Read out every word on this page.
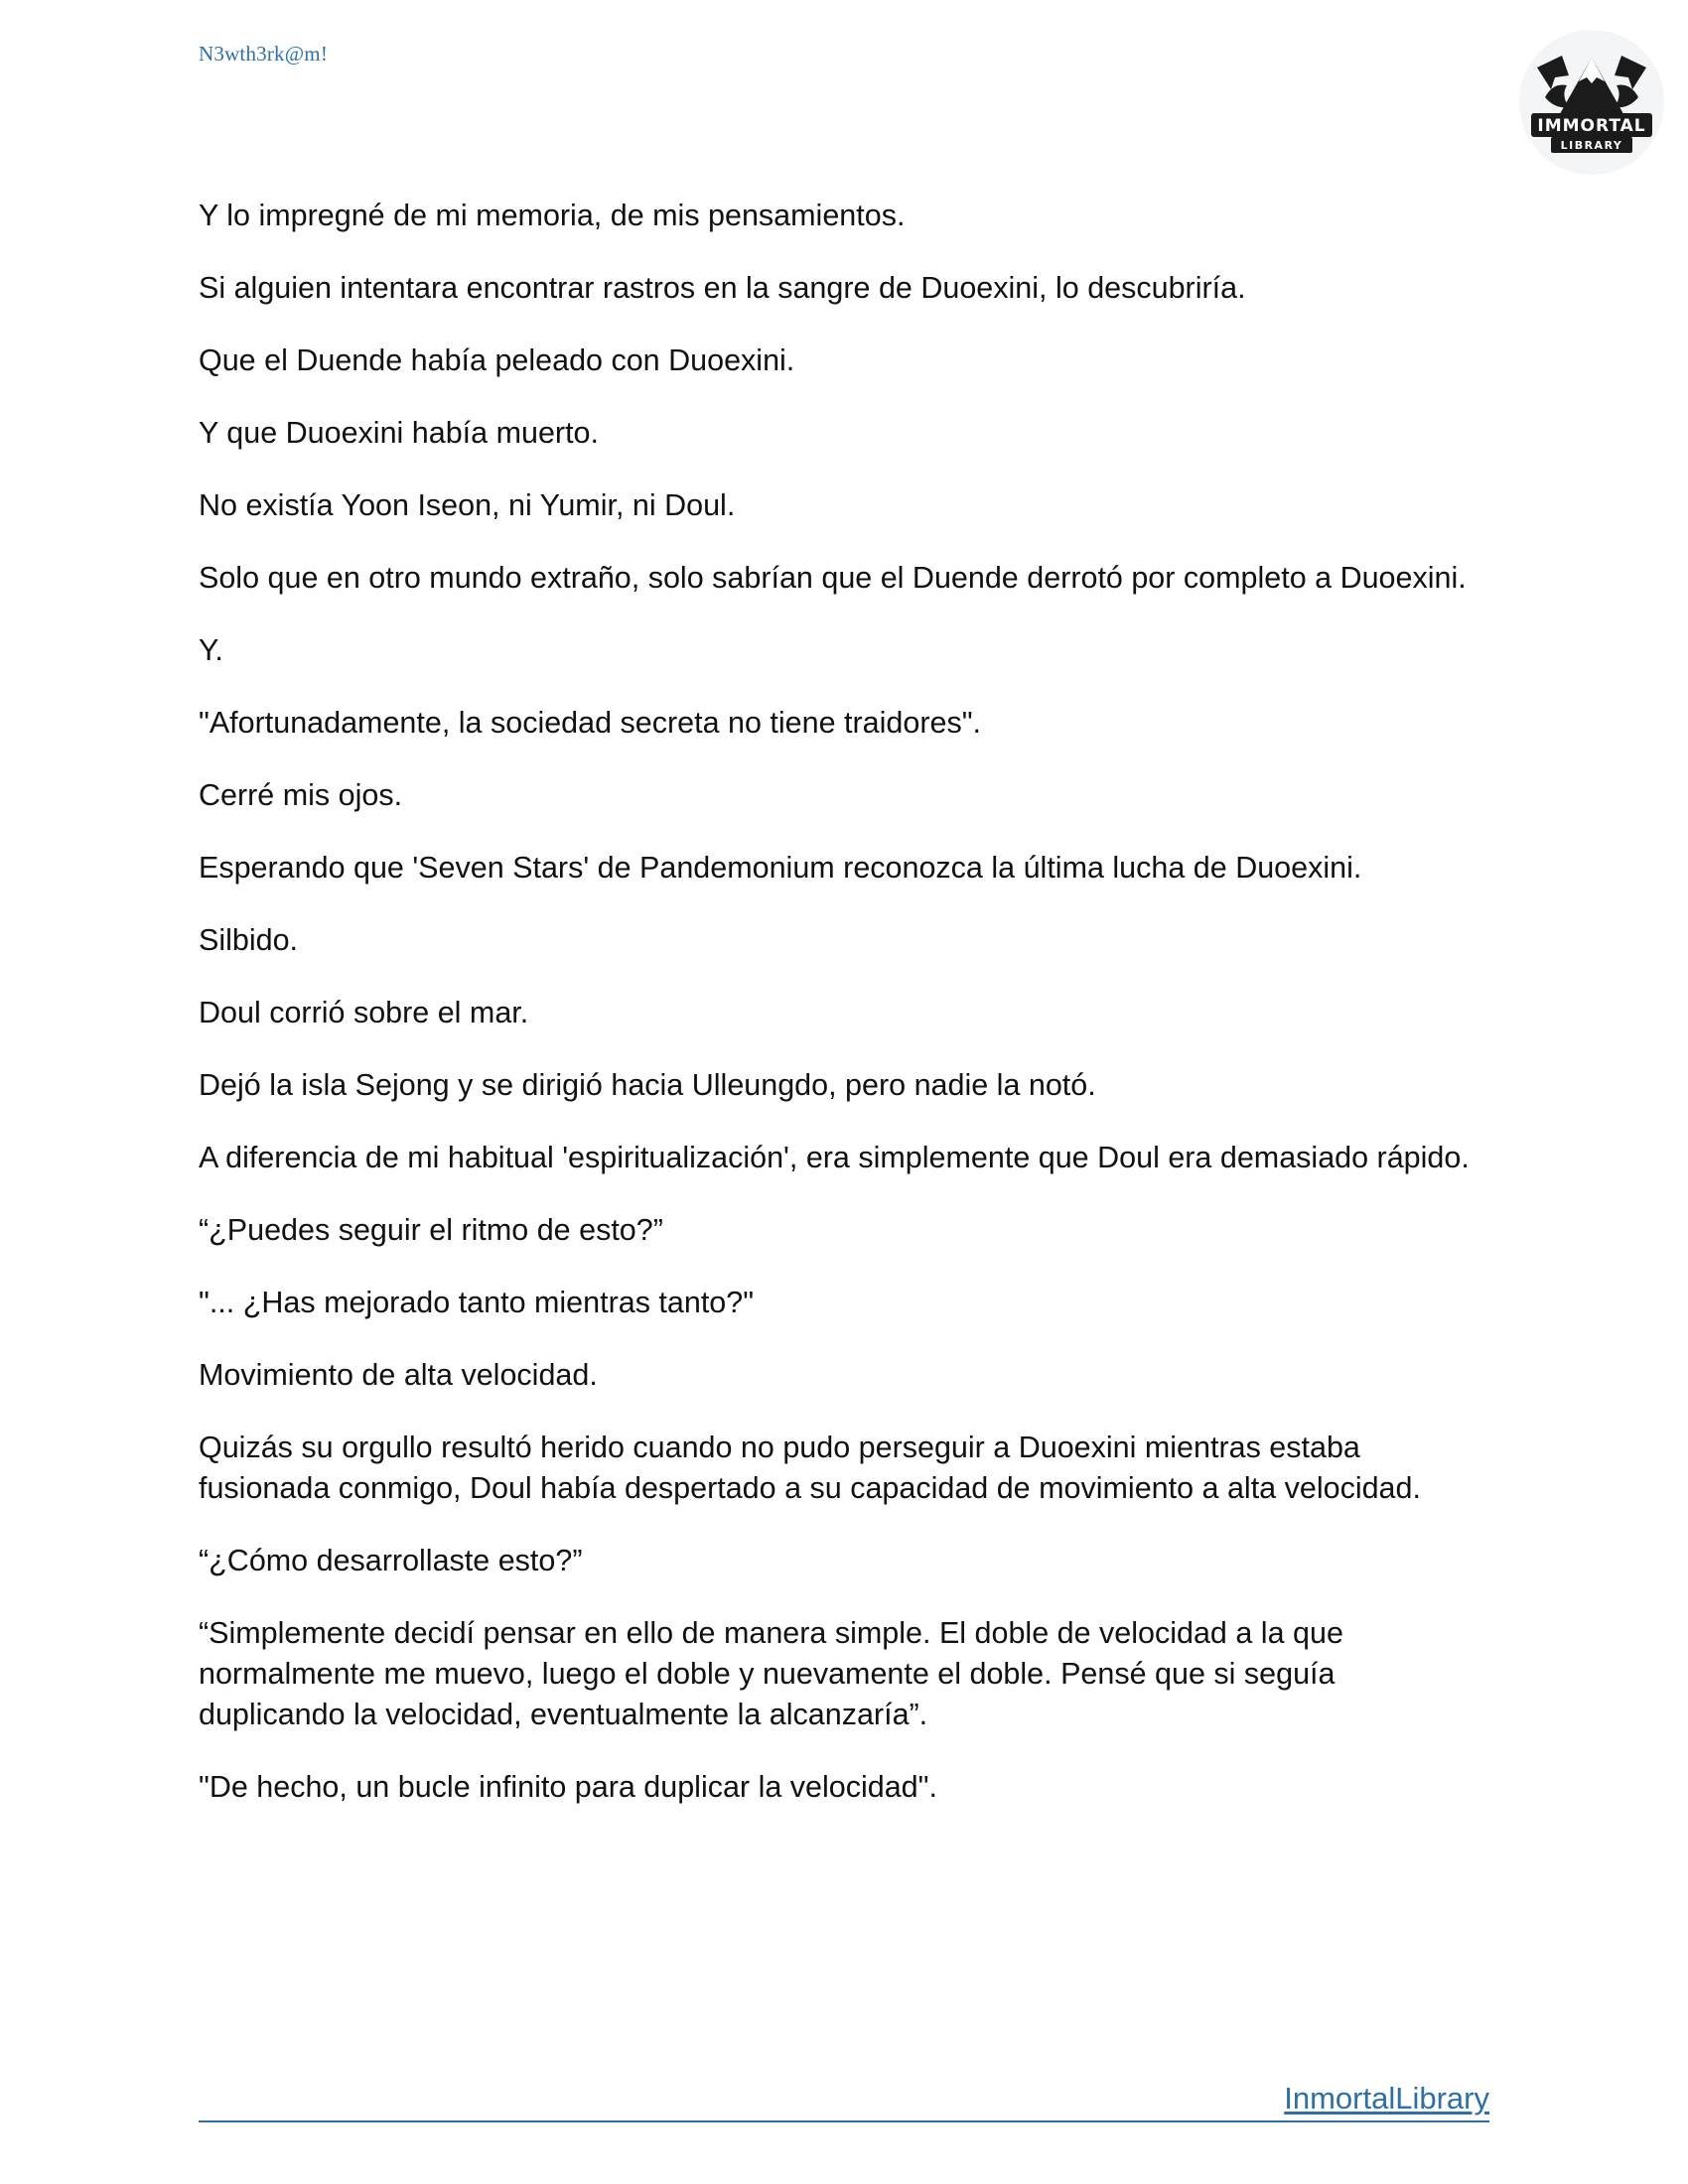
N3wth3rk@m!
IMMORTAL
LIBRARY

Y lo impregné de mi memoria, de mis pensamientos.

Si alguien intentara encontrar rastros en la sangre de Duoexini, lo descubriría.

Que el Duende había peleado con Duoexini.

Y que Duoexini había muerto.

No existía Yoon Iseon, ni Yumir, ni Doul.

Solo que en otro mundo extraño, solo sabrían que el Duende derrotó por completo a Duoexini.

Y.

"Afortunadamente, la sociedad secreta no tiene traidores".

Cerré mis ojos.

Esperando que 'Seven Stars' de Pandemonium reconozca la última lucha de Duoexini.

Silbido.

Doul corrió sobre el mar.

Dejó la isla Sejong y se dirigió hacia Ulleungdo, pero nadie la notó.

A diferencia de mi habitual 'espiritualización', era simplemente que Doul era demasiado rápido.

“¿Puedes seguir el ritmo de esto?”

"... ¿Has mejorado tanto mientras tanto?"

Movimiento de alta velocidad.

Quizás su orgullo resultó herido cuando no pudo perseguir a Duoexini mientras estaba fusionada conmigo, Doul había despertado a su capacidad de movimiento a alta velocidad.

“¿Cómo desarrollaste esto?”

“Simplemente decidí pensar en ello de manera simple. El doble de velocidad a la que normalmente me muevo, luego el doble y nuevamente el doble. Pensé que si seguía duplicando la velocidad, eventualmente la alcanzaría”.

"De hecho, un bucle infinito para duplicar la velocidad".

InmortalLibrary
